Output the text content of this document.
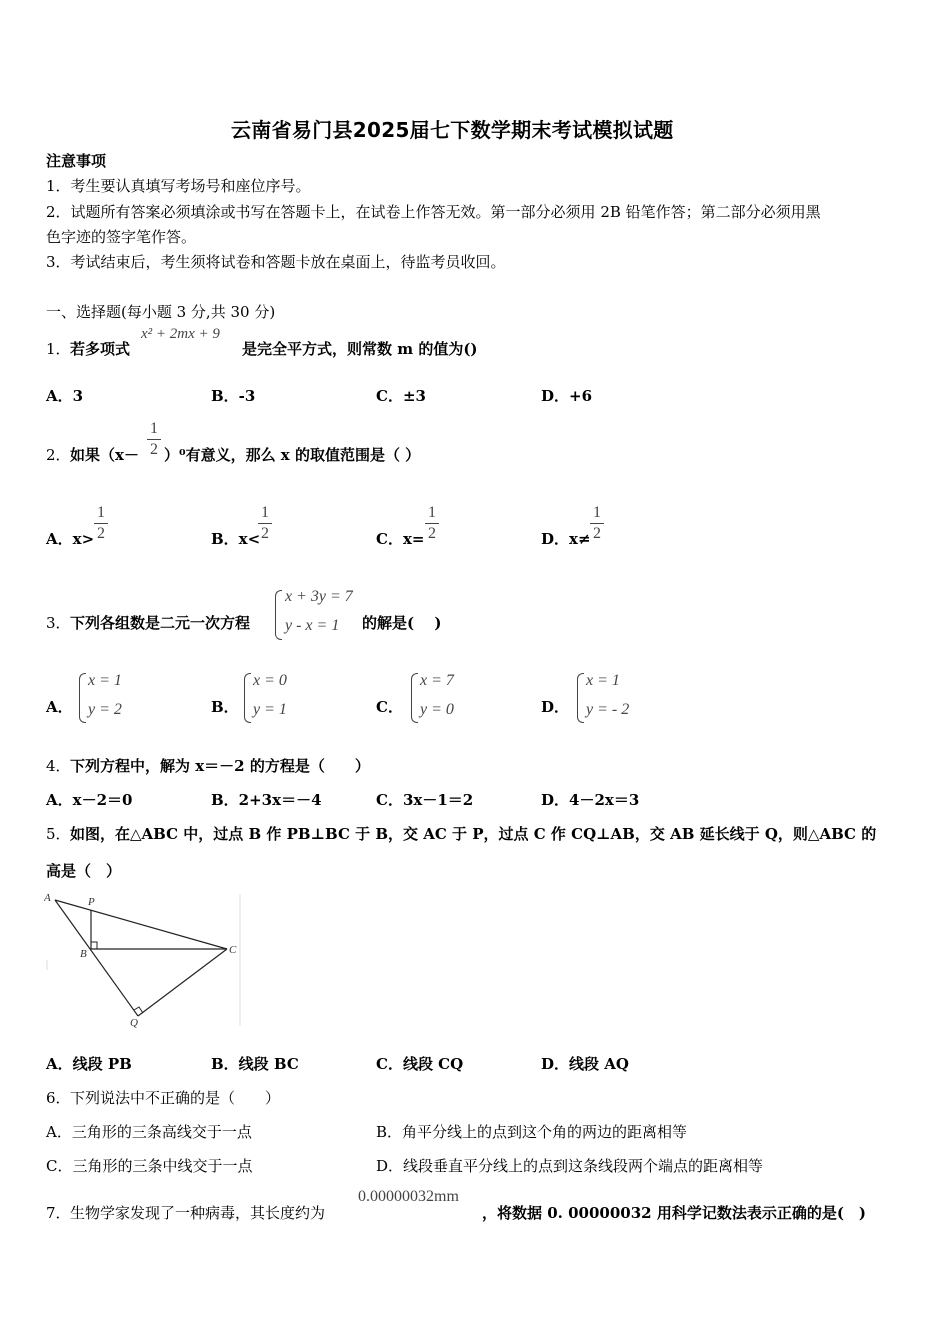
云南省易门县2025届七下数学期末考试模拟试题
注意事项
1．考生要认真填写考场号和座位序号。
2．试题所有答案必须填涂或书写在答题卡上，在试卷上作答无效。第一部分必须用 2B 铅笔作答；第二部分必须用黑
色字迹的签字笔作答。
3．考试结束后，考生须将试卷和答题卡放在桌面上，待监考员收回。
一、选择题(每小题 3 分,共 30 分)
1． 若多项式
x² + 2mx + 9
是完全平方式，则常数 m 的值为()
A．3	B．-3	C．±3	D．+6
2． 如果（x－
1
2 ）⁰有意义，那么 x 的取值范围是（ ）
A．x>
1
2	B．x<
1
2	C．x=
1
2	D．x≠
1
2
3． 下列各组数是二元一次方程
x + 3y = 7
y - x = 1 的解是(　 )
A．
x = 1
y = 2	B．
x = 0
y = 1	C．
x = 7
y = 0	D．
x = 1
y = - 2
4． 下列方程中，解为 x＝－2 的方程是（　　）
A．x－2＝0	B．2+3x＝－4	C．3x－1＝2	D．4－2x＝3
5． 如图，在△ABC 中，过点 B 作 PB⊥BC 于 B，交 AC 于 P，过点 C 作 CQ⊥AB，交 AB 延长线于 Q，则△ABC 的
高是（　）
A	P
B	C
Q
A．线段 PB	B．线段 BC	C．线段 CQ	D．线段 AQ
6． 下列说法中不正确的是（　　）
A．三角形的三条高线交于一点	B．角平分线上的点到这个角的两边的距离相等
C．三角形的三条中线交于一点	D．线段垂直平分线上的点到这条线段两个端点的距离相等
7． 生物学家发现了一种病毒，其长度约为
0.00000032mm
，将数据 0. 00000032 用科学记数法表示正确的是(　)
